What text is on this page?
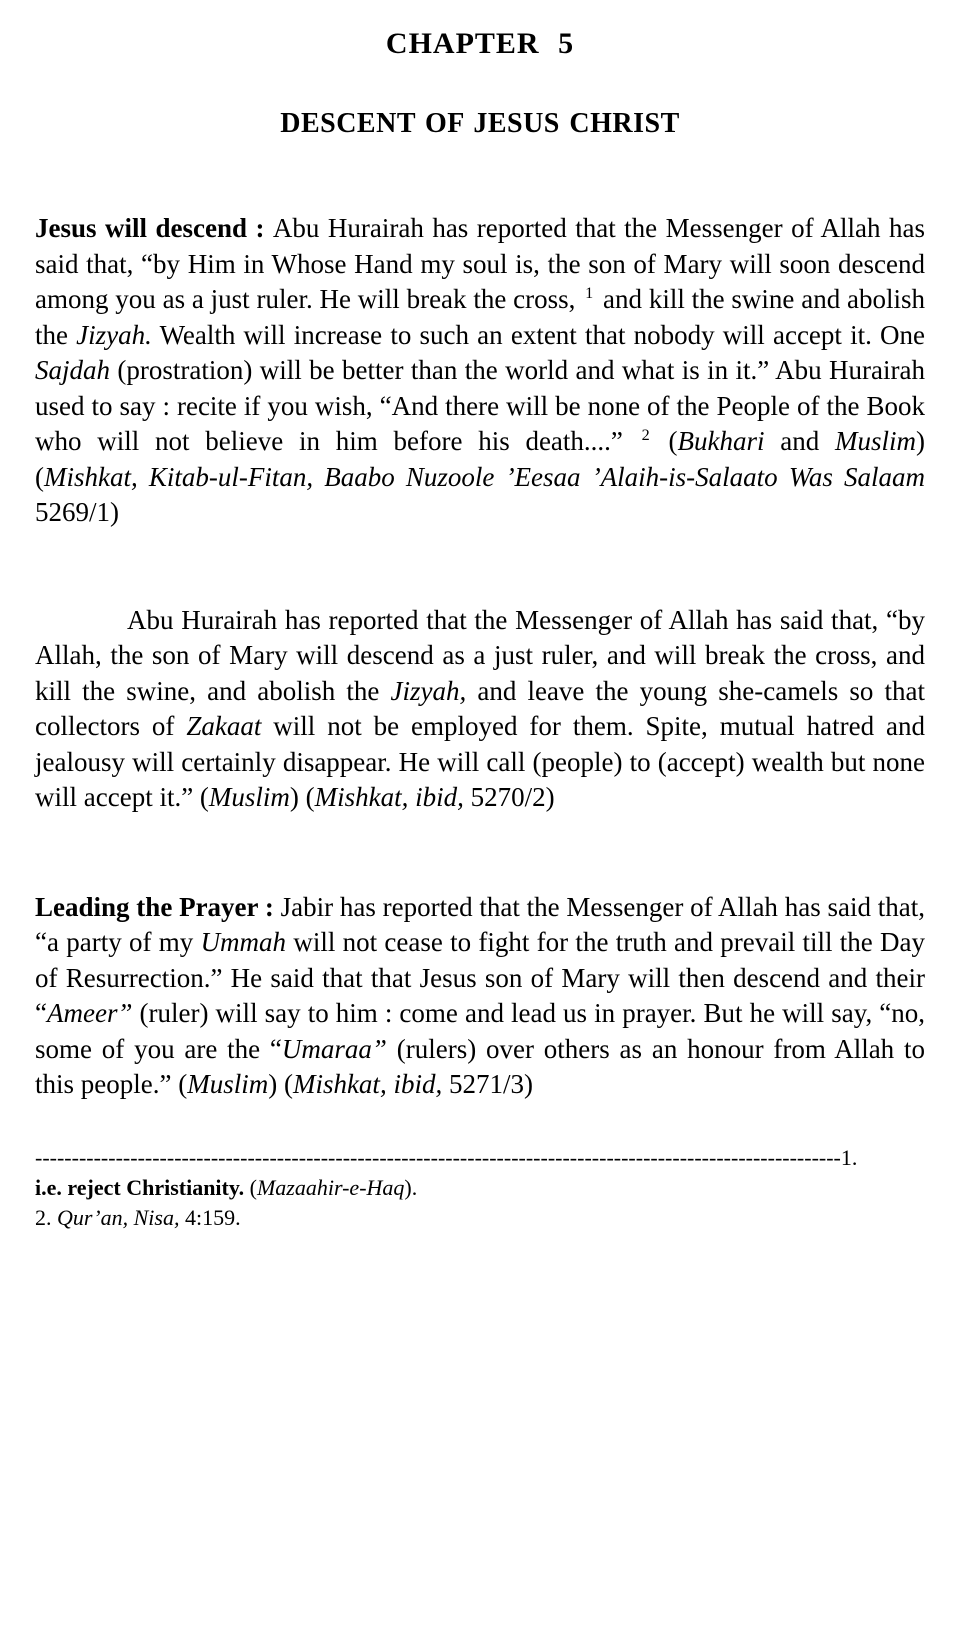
CHAPTER 5
DESCENT OF JESUS CHRIST

Jesus will descend : Abu Hurairah has reported that the Messenger of Allah has said that, “by Him in Whose Hand my soul is, the son of Mary will soon descend among you as a just ruler. He will break the cross, $^1$ and kill the swine and abolish the Jizyah. Wealth will increase to such an extent that nobody will accept it. One Sajdah (prostration) will be better than the world and what is in it.” Abu Hurairah used to say : recite if you wish, “And there will be none of the People of the Book who will not believe in him before his death....” $^2$ (Bukhari and Muslim) (Mishkat, Kitab-ul-Fitan, Baabo Nuzoole ’Eesaa ’Alaih-is-Salaato Was Salaam 5269/1)

Abu Hurairah has reported that the Messenger of Allah has said that, “by Allah, the son of Mary will descend as a just ruler, and will break the cross, and kill the swine, and abolish the Jizyah, and leave the young she-camels so that collectors of Zakaat will not be employed for them. Spite, mutual hatred and jealousy will certainly disappear. He will call (people) to (accept) wealth but none will accept it.” (Muslim) (Mishkat, ibid, 5270/2)

Leading the Prayer : Jabir has reported that the Messenger of Allah has said that, “a party of my Ummah will not cease to fight for the truth and prevail till the Day of Resurrection.” He said that that Jesus son of Mary will then descend and their “Ameer” (ruler) will say to him : come and lead us in prayer. But he will say, “no, some of you are the “Umaraa” (rulers) over others as an honour from Allah to this people.” (Muslim) (Mishkat, ibid, 5271/3)

--------------------------------------------------------------------------------------------------------------1.
i.e. reject Christianity. (Mazaahir-e-Haq).
2. Qur’an, Nisa, 4:159.
